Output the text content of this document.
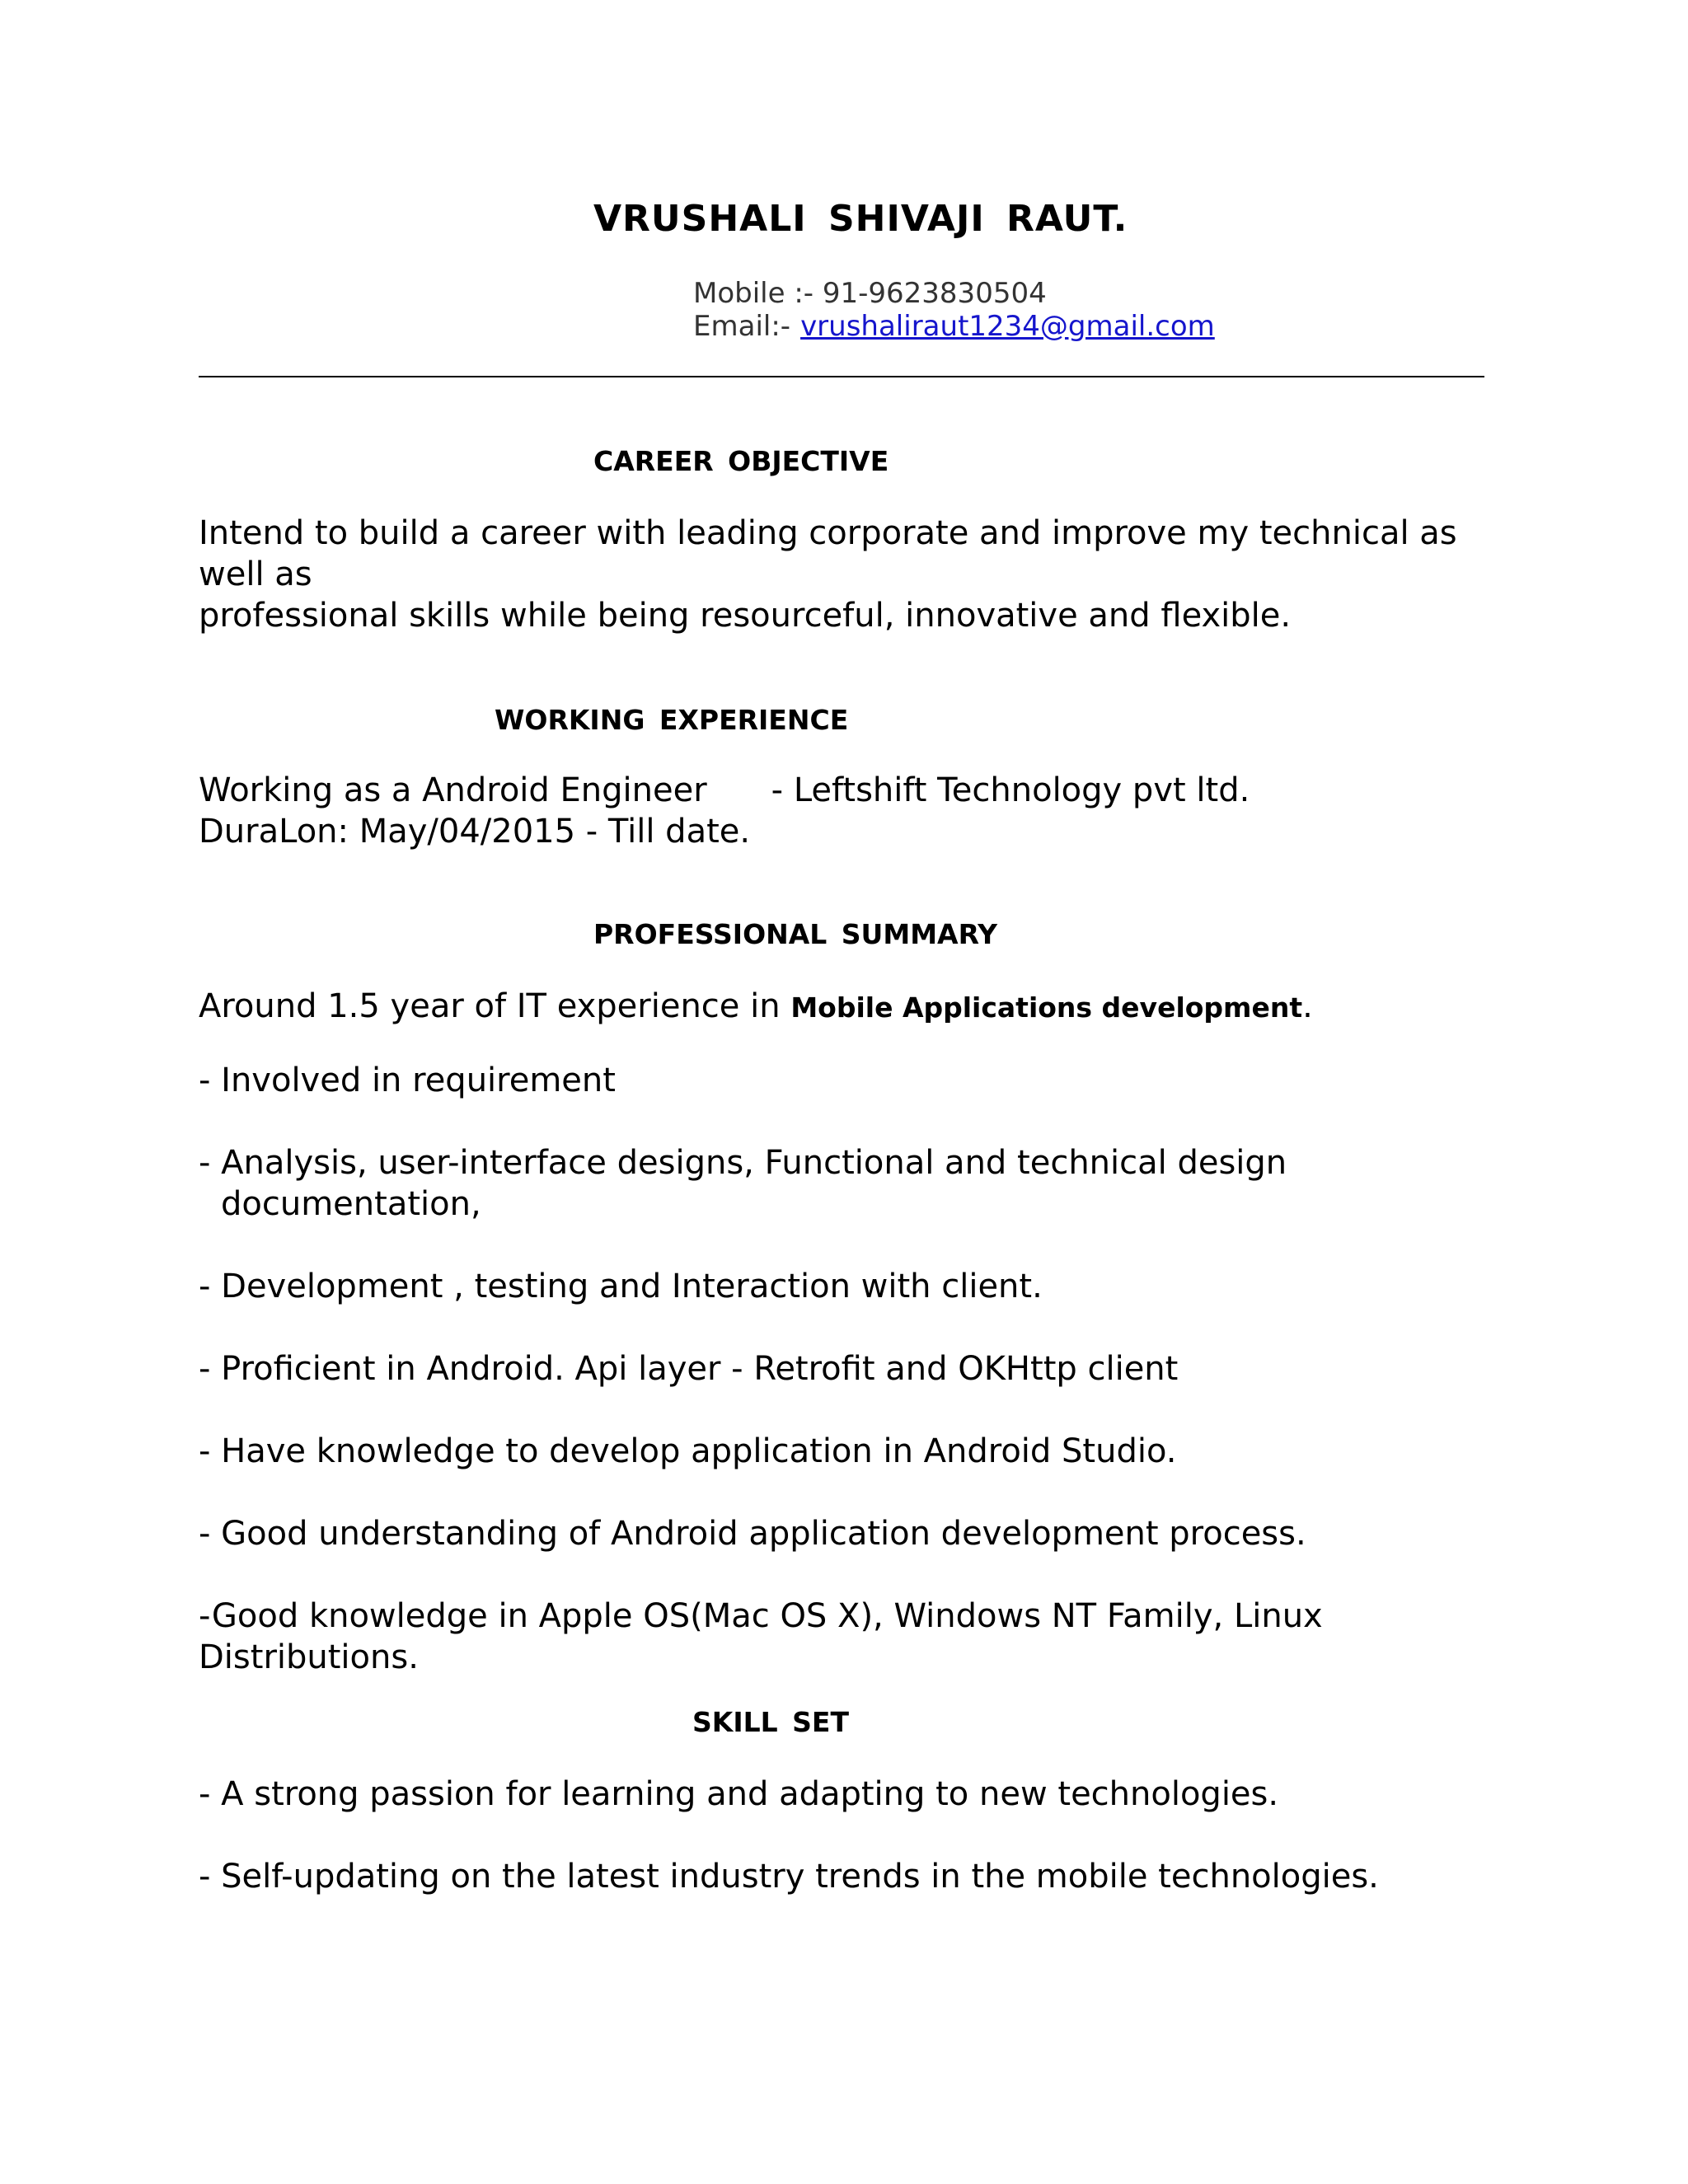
VRUSHALI SHIVAJI RAUT.
Mobile :- 91-9623830504
Email:- vrushaliraut1234@gmail.com
CAREER OBJECTIVE
Intend to build a career with leading corporate and improve my technical as
well as
professional skills while being resourceful, innovative and flexible.
WORKING EXPERIENCE
Working as a Android Engineer - Leftshift Technology pvt ltd.
DuraLon: May/04/2015 - Till date.
PROFESSIONAL SUMMARY
Around 1.5 year of IT experience in Mobile Applications development.
- Involved in requirement
- Analysis, user-interface designs, Functional and technical design
documentation,
- Development , testing and Interaction with client.
- Proficient in Android. Api layer - Retrofit and OKHttp client
- Have knowledge to develop application in Android Studio.
- Good understanding of Android application development process.
-Good knowledge in Apple OS(Mac OS X), Windows NT Family, Linux
Distributions.
SKILL SET
- A strong passion for learning and adapting to new technologies.
- Self-updating on the latest industry trends in the mobile technologies.
